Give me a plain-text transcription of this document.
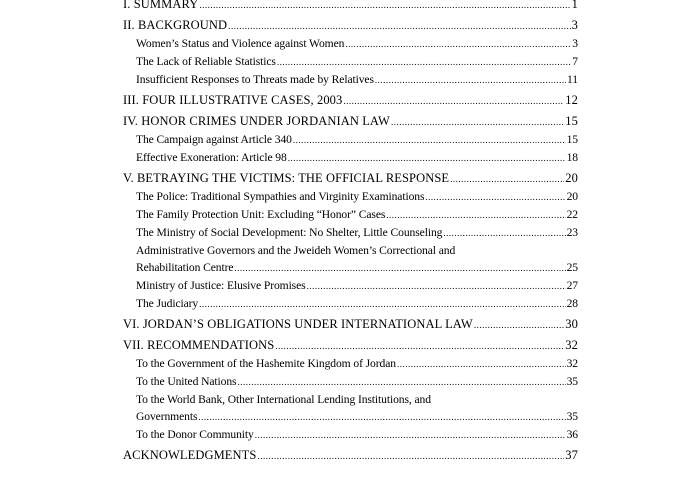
I. SUMMARY .....	1
II. BACKGROUND .....	3
Women’s Status and Violence against Women .....	3
The Lack of Reliable Statistics .....	7
Insufficient Responses to Threats made by Relatives .....	11
III. FOUR ILLUSTRATIVE CASES, 2003 .....	12
IV. HONOR CRIMES UNDER JORDANIAN LAW .....	15
The Campaign against Article 340 .....	15
Effective Exoneration: Article 98 .....	18
V. BETRAYING THE VICTIMS: THE OFFICIAL RESPONSE .....	20
The Police: Traditional Sympathies and Virginity Examinations .....	20
The Family Protection Unit: Excluding “Honor” Cases .....	22
The Ministry of Social Development: No Shelter, Little Counseling .....	23
Administrative Governors and the Jweideh Women’s Correctional and
Rehabilitation Centre .....	25
Ministry of Justice: Elusive Promises .....	27
The Judiciary .....	28
VI. JORDAN’S OBLIGATIONS UNDER INTERNATIONAL LAW .....	30
VII. RECOMMENDATIONS .....	32
To the Government of the Hashemite Kingdom of Jordan .....	32
To the United Nations .....	35
To the World Bank, Other International Lending Institutions, and
Governments .....	35
To the Donor Community .....	36
ACKNOWLEDGMENTS .....	37
